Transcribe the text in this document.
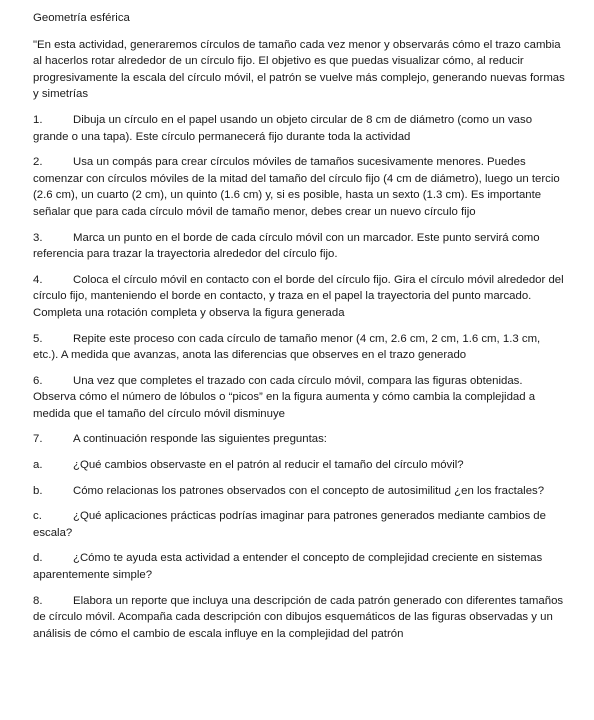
Geometría esférica
"En esta actividad, generaremos círculos de tamaño cada vez menor y observarás cómo el trazo cambia al hacerlos rotar alrededor de un círculo fijo. El objetivo es que puedas visualizar cómo, al reducir progresivamente la escala del círculo móvil, el patrón se vuelve más complejo, generando nuevas formas y simetrías
1.	Dibuja un círculo en el papel usando un objeto circular de 8 cm de diámetro (como un vaso grande o una tapa). Este círculo permanecerá fijo durante toda la actividad
2.	Usa un compás para crear círculos móviles de tamaños sucesivamente menores. Puedes comenzar con círculos móviles de la mitad del tamaño del círculo fijo (4 cm de diámetro), luego un tercio (2.6 cm), un cuarto (2 cm), un quinto (1.6 cm) y, si es posible, hasta un sexto (1.3 cm). Es importante señalar que para cada círculo móvil de tamaño menor, debes crear un nuevo círculo fijo
3.	Marca un punto en el borde de cada círculo móvil con un marcador. Este punto servirá como referencia para trazar la trayectoria alrededor del círculo fijo.
4.	Coloca el círculo móvil en contacto con el borde del círculo fijo. Gira el círculo móvil alrededor del círculo fijo, manteniendo el borde en contacto, y traza en el papel la trayectoria del punto marcado. Completa una rotación completa y observa la figura generada
5.	Repite este proceso con cada círculo de tamaño menor (4 cm, 2.6 cm, 2 cm, 1.6 cm, 1.3 cm, etc.). A medida que avanzas, anota las diferencias que observes en el trazo generado
6.	Una vez que completes el trazado con cada círculo móvil, compara las figuras obtenidas. Observa cómo el número de lóbulos o “picos” en la figura aumenta y cómo cambia la complejidad a medida que el tamaño del círculo móvil disminuye
7.	A continuación responde las siguientes preguntas:
a.	¿Qué cambios observaste en el patrón al reducir el tamaño del círculo móvil?
b.	Cómo relacionas los patrones observados con el concepto de autosimilitud ¿en los fractales?
c.	¿Qué aplicaciones prácticas podrías imaginar para patrones generados mediante cambios de escala?
d.	¿Cómo te ayuda esta actividad a entender el concepto de complejidad creciente en sistemas aparentemente simple?
8.	Elabora un reporte que incluya una descripción de cada patrón generado con diferentes tamaños de círculo móvil. Acompaña cada descripción con dibujos esquemáticos de las figuras observadas y un análisis de cómo el cambio de escala influye en la complejidad del patrón
